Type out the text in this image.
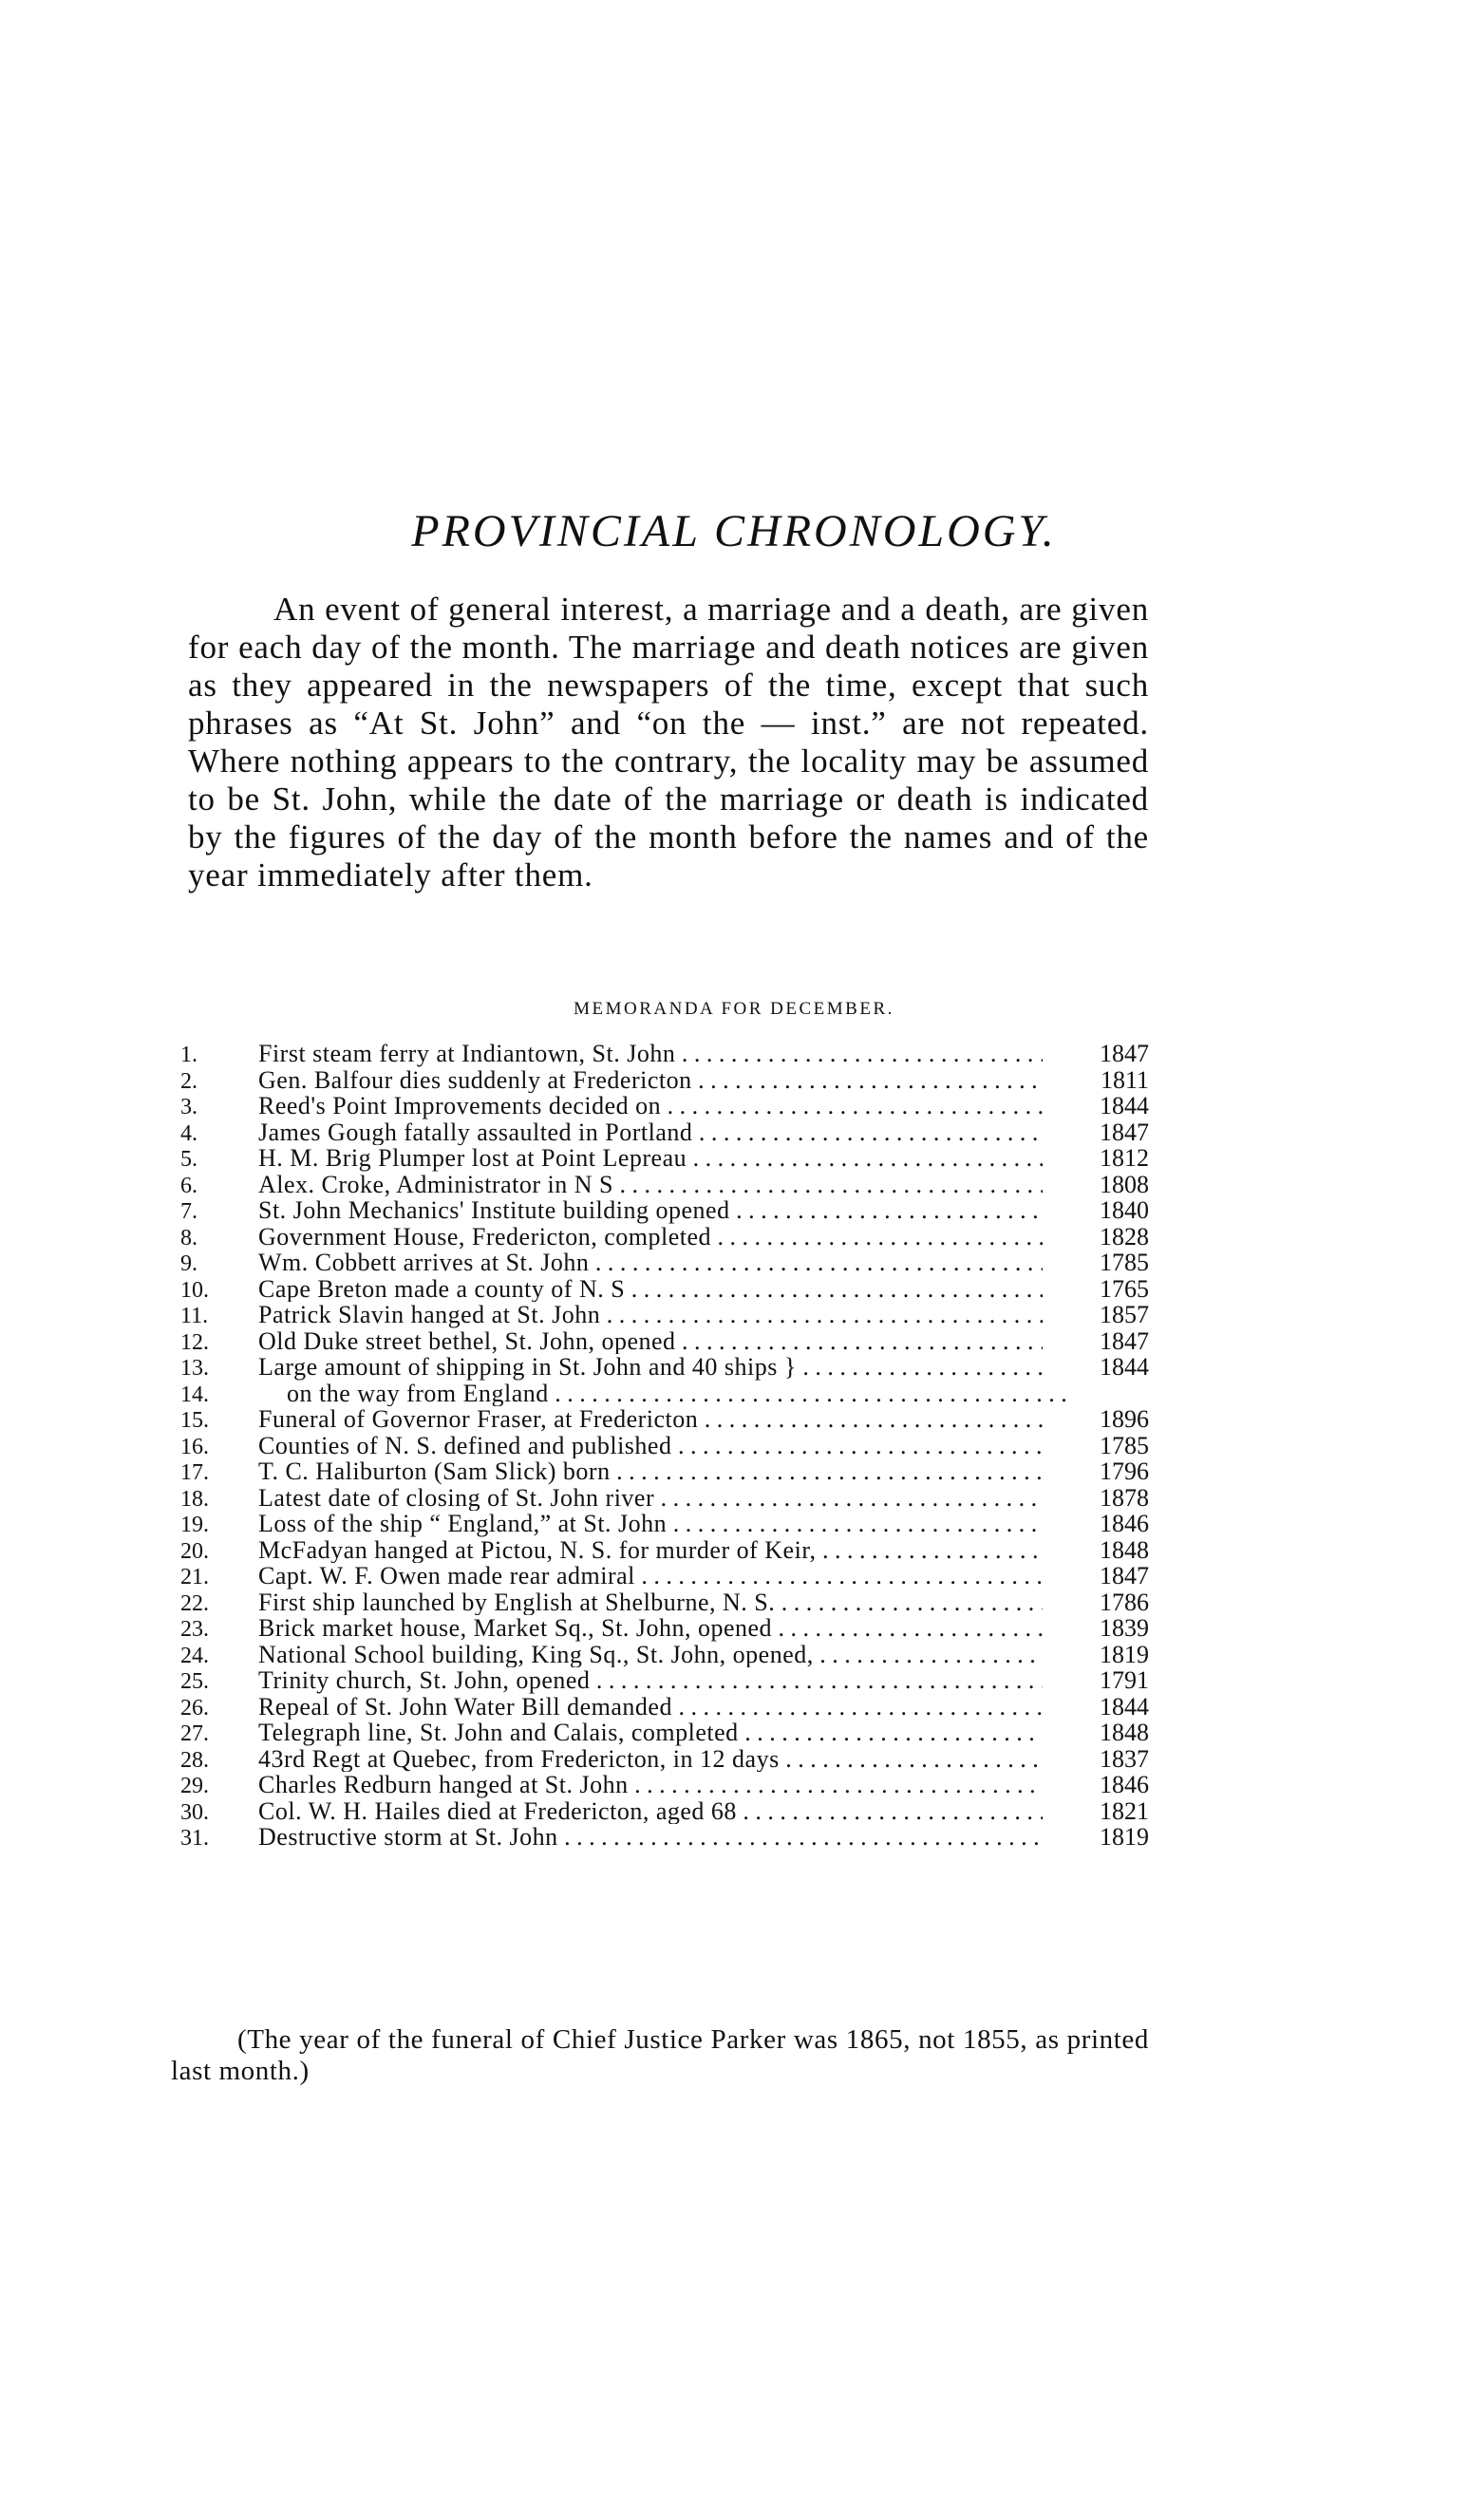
PROVINCIAL CHRONOLOGY.

An event of general interest, a marriage and a death, are given for each day of the month. The marriage and death notices are given as they appeared in the newspapers of the time, except that such phrases as “At St. John” and “on the — inst.” are not repeated. Where nothing appears to the contrary, the locality may be assumed to be St. John, while the date of the marriage or death is indicated by the figures of the day of the month before the names and of the year immediately after them.

MEMORANDA FOR DECEMBER.
1.	First steam ferry at Indiantown, St. John . . .	1847
2.	Gen. Balfour dies suddenly at Fredericton . . .	1811
3.	Reed's Point Improvements decided on . . .	1844
4.	James Gough fatally assaulted in Portland . . .	1847
5.	H. M. Brig Plumper lost at Point Lepreau . . .	1812
6.	Alex. Croke, Administrator in N S . . .	1808
7.	St. John Mechanics' Institute building opened . . .	1840
8.	Government House, Fredericton, completed . . .	1828
9.	Wm. Cobbett arrives at St. John . . .	1785
10.	Cape Breton made a county of N. S . . .	1765
11.	Patrick Slavin hanged at St. John . . .	1857
12.	Old Duke street bethel, St. John, opened . . .	1847
13.	Large amount of shipping in St. John and 40 ships } . . .	1844
14.	on the way from England . . .
15.	Funeral of Governor Fraser, at Fredericton . . .	1896
16.	Counties of N. S. defined and published . . .	1785
17.	T. C. Haliburton (Sam Slick) born . . .	1796
18.	Latest date of closing of St. John river . . .	1878
19.	Loss of the ship “ England,” at St. John . . .	1846
20.	McFadyan hanged at Pictou, N. S. for murder of Keir, . . .	1848
21.	Capt. W. F. Owen made rear admiral . . .	1847
22.	First ship launched by English at Shelburne, N. S. . . .	1786
23.	Brick market house, Market Sq., St. John, opened . . .	1839
24.	National School building, King Sq., St. John, opened, . . .	1819
25.	Trinity church, St. John, opened . . .	1791
26.	Repeal of St. John Water Bill demanded . . .	1844
27.	Telegraph line, St. John and Calais, completed . . .	1848
28.	43rd Regt at Quebec, from Fredericton, in 12 days . . .	1837
29.	Charles Redburn hanged at St. John . . .	1846
30.	Col. W. H. Hailes died at Fredericton, aged 68 . . .	1821
31.	Destructive storm at St. John . . .	1819

(The year of the funeral of Chief Justice Parker was 1865, not 1855, as printed last month.)
